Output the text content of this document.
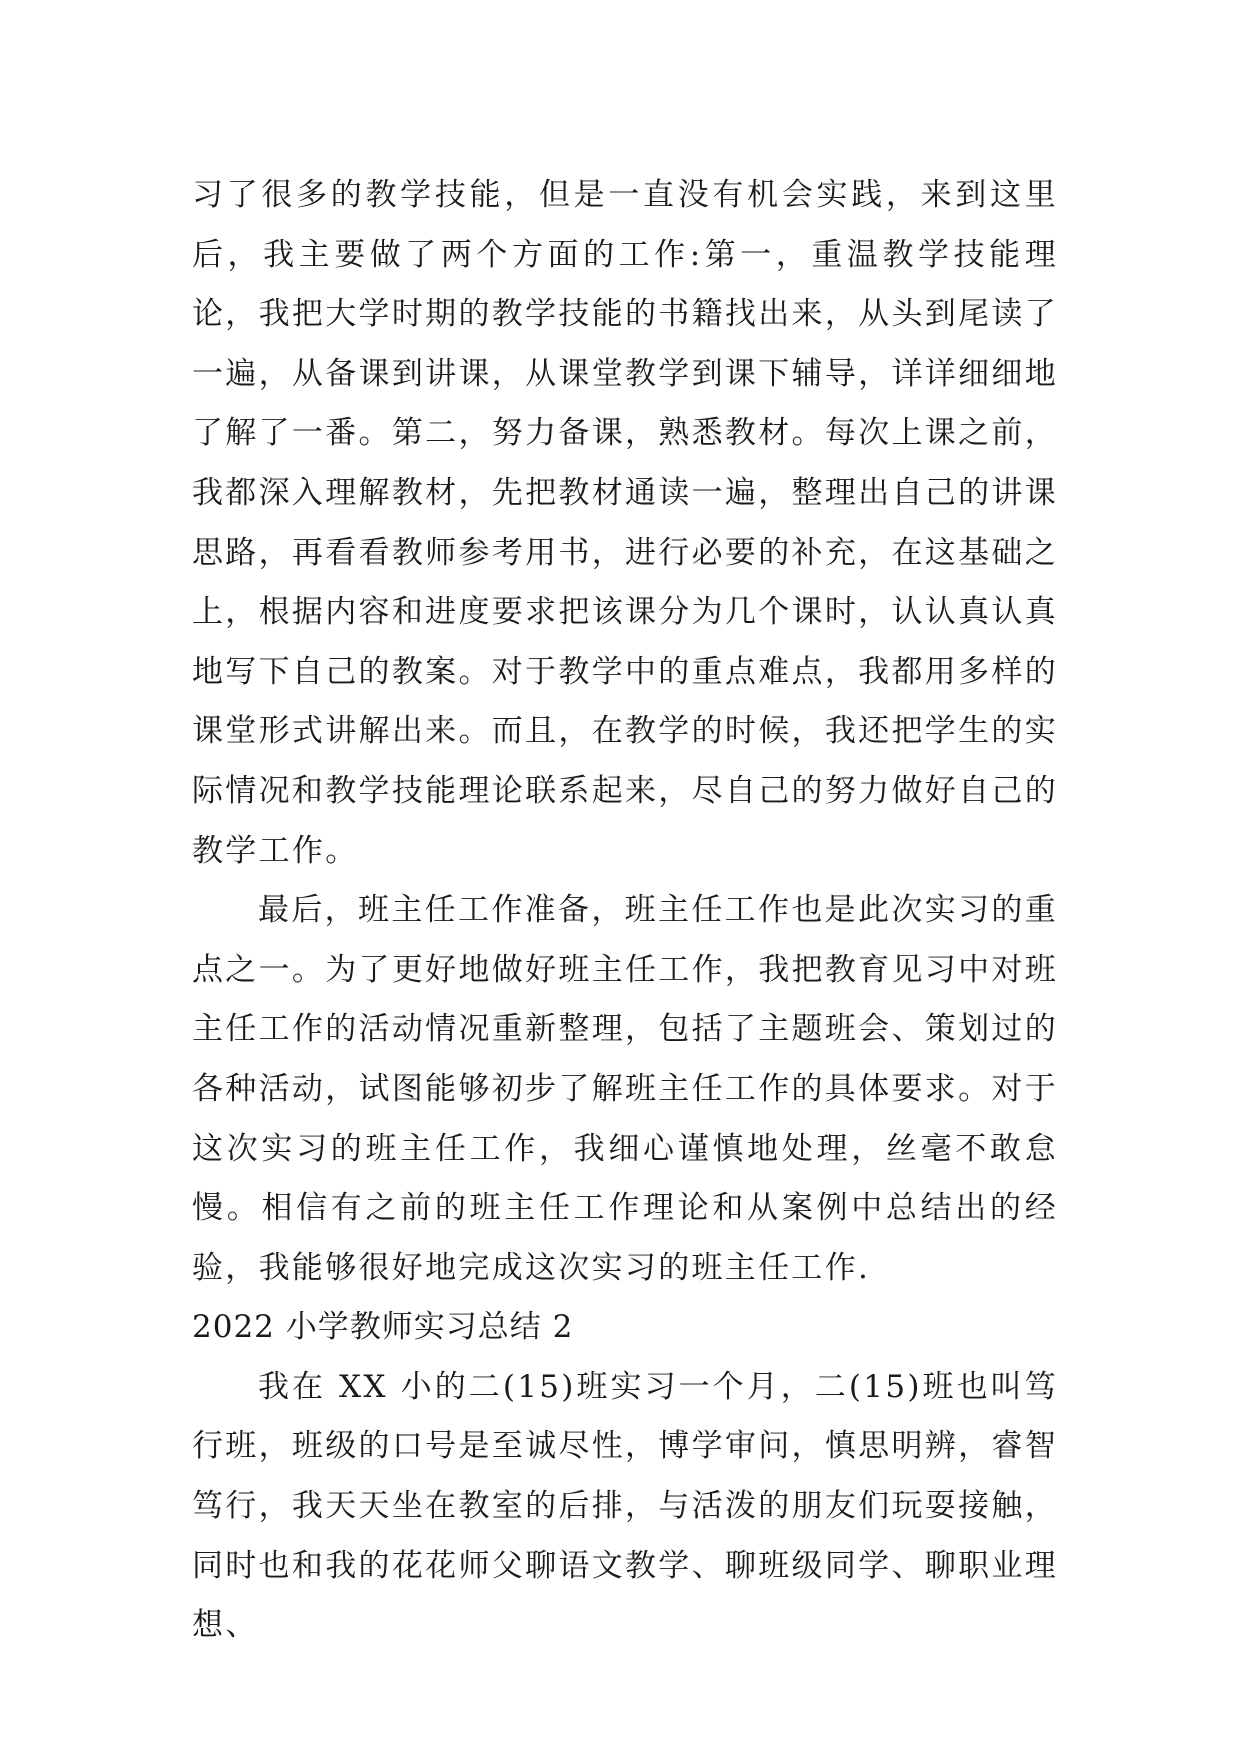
习了很多的教学技能，但是一直没有机会实践，来到这里后，我主要做了两个方面的工作:第一，重温教学技能理论，我把大学时期的教学技能的书籍找出来，从头到尾读了一遍，从备课到讲课，从课堂教学到课下辅导，详详细细地了解了一番。第二，努力备课，熟悉教材。每次上课之前，我都深入理解教材，先把教材通读一遍，整理出自己的讲课思路，再看看教师参考用书，进行必要的补充，在这基础之上，根据内容和进度要求把该课分为几个课时，认认真认真地写下自己的教案。对于教学中的重点难点，我都用多样的课堂形式讲解出来。而且，在教学的时候，我还把学生的实际情况和教学技能理论联系起来，尽自己的努力做好自己的教学工作。

最后，班主任工作准备，班主任工作也是此次实习的重点之一。为了更好地做好班主任工作，我把教育见习中对班主任工作的活动情况重新整理，包括了主题班会、策划过的各种活动，试图能够初步了解班主任工作的具体要求。对于这次实习的班主任工作，我细心谨慎地处理，丝毫不敢怠慢。相信有之前的班主任工作理论和从案例中总结出的经验，我能够很好地完成这次实习的班主任工作.

2022 小学教师实习总结 2

我在 XX 小的二(15)班实习一个月，二(15)班也叫笃行班，班级的口号是至诚尽性，博学审问，慎思明辨，睿智笃行，我天天坐在教室的后排，与活泼的朋友们玩耍接触，同时也和我的花花师父聊语文教学、聊班级同学、聊职业理想、
